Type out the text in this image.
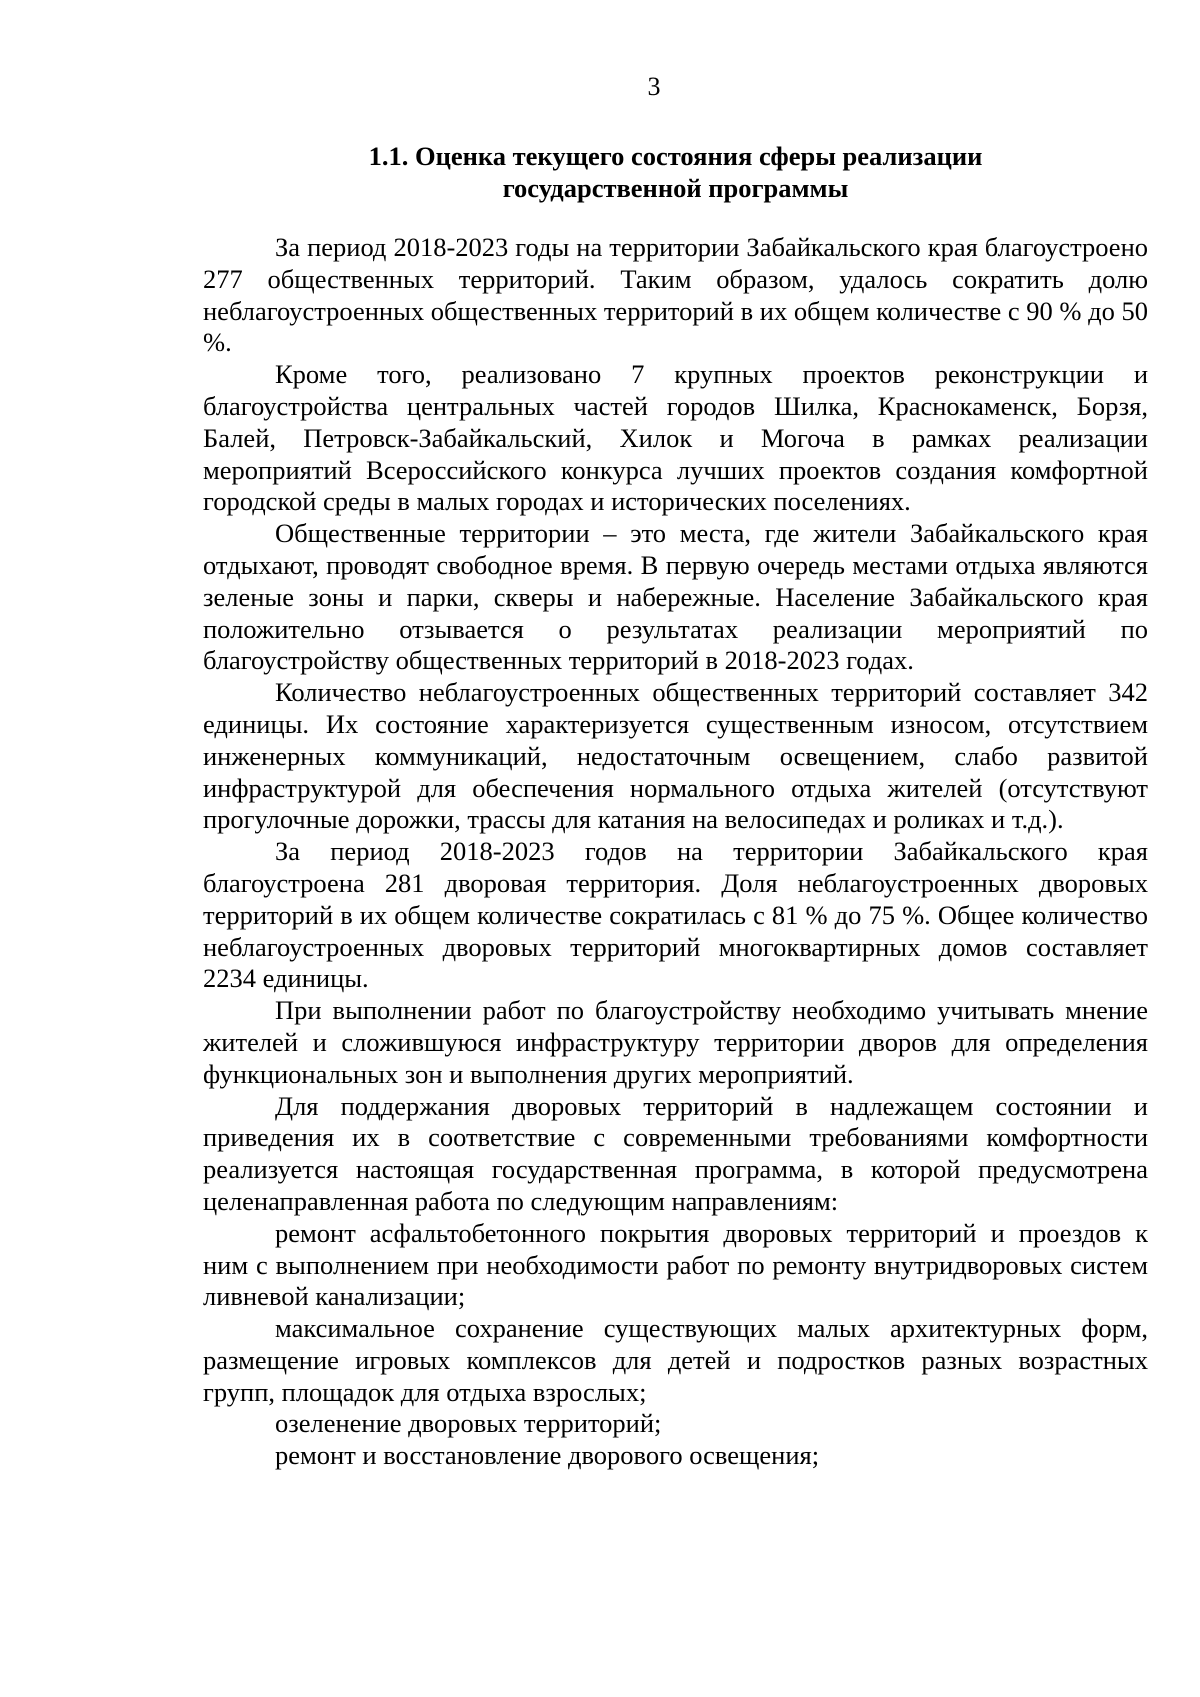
3
1.1. Оценка текущего состояния сферы реализации
государственной программы

За период 2018-2023 годы на территории Забайкальского края благоустроено 277 общественных территорий. Таким образом, удалось сократить долю неблагоустроенных общественных территорий в их общем количестве с 90 % до 50 %.

Кроме того, реализовано 7 крупных проектов реконструкции и благоустройства центральных частей городов Шилка, Краснокаменск, Борзя, Балей, Петровск-Забайкальский, Хилок и Могоча в рамках реализации мероприятий Всероссийского конкурса лучших проектов создания комфортной городской среды в малых городах и исторических поселениях.

Общественные территории – это места, где жители Забайкальского края отдыхают, проводят свободное время. В первую очередь местами отдыха являются зеленые зоны и парки, скверы и набережные. Население Забайкальского края положительно отзывается о результатах реализации мероприятий по благоустройству общественных территорий в 2018-2023 годах.

Количество неблагоустроенных общественных территорий составляет 342 единицы. Их состояние характеризуется существенным износом, отсутствием инженерных коммуникаций, недостаточным освещением, слабо развитой инфраструктурой для обеспечения нормального отдыха жителей (отсутствуют прогулочные дорожки, трассы для катания на велосипедах и роликах и т.д.).

За период 2018-2023 годов на территории Забайкальского края благоустроена 281 дворовая территория. Доля неблагоустроенных дворовых территорий в их общем количестве сократилась с 81 % до 75 %. Общее количество неблагоустроенных дворовых территорий многоквартирных домов составляет 2234 единицы.

При выполнении работ по благоустройству необходимо учитывать мнение жителей и сложившуюся инфраструктуру территории дворов для определения функциональных зон и выполнения других мероприятий.

Для поддержания дворовых территорий в надлежащем состоянии и приведения их в соответствие с современными требованиями комфортности реализуется настоящая государственная программа, в которой предусмотрена целенаправленная работа по следующим направлениям:

ремонт асфальтобетонного покрытия дворовых территорий и проездов к ним с выполнением при необходимости работ по ремонту внутридворовых систем ливневой канализации;

максимальное сохранение существующих малых архитектурных форм, размещение игровых комплексов для детей и подростков разных возрастных групп, площадок для отдыха взрослых;

озеленение дворовых территорий;

ремонт и восстановление дворового освещения;
